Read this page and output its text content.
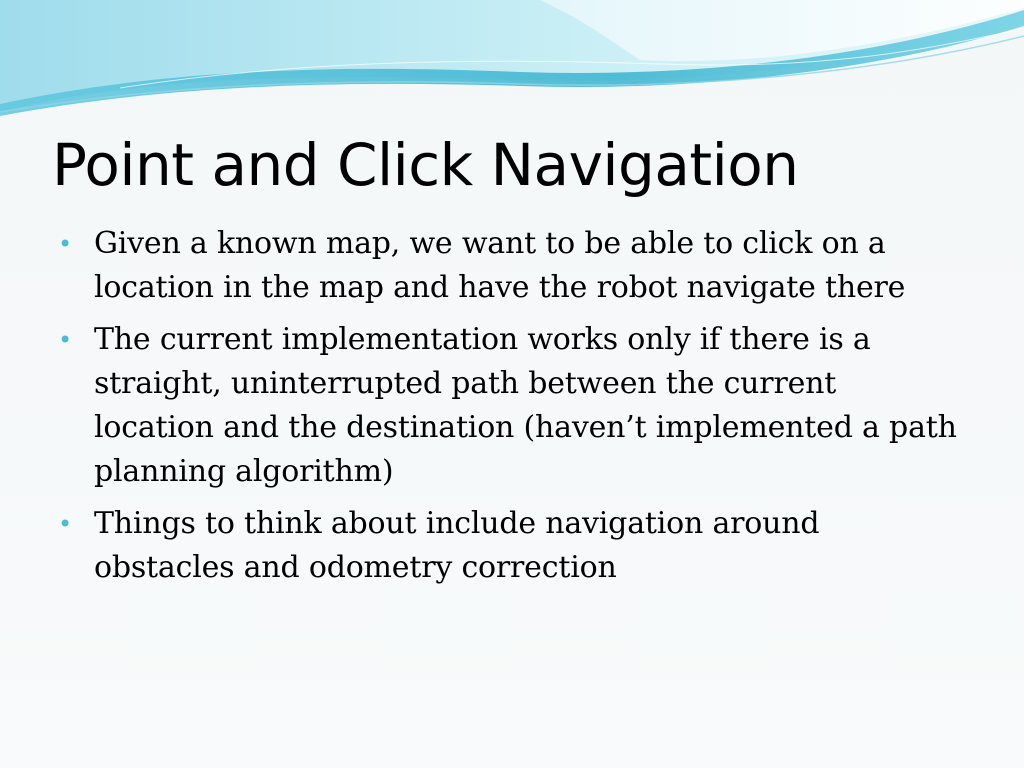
Point and Click Navigation
• Given a known map, we want to be able to click on a location in the map and have the robot navigate there
• The current implementation works only if there is a straight, uninterrupted path between the current location and the destination (haven’t implemented a path planning algorithm)
• Things to think about include navigation around obstacles and odometry correction
